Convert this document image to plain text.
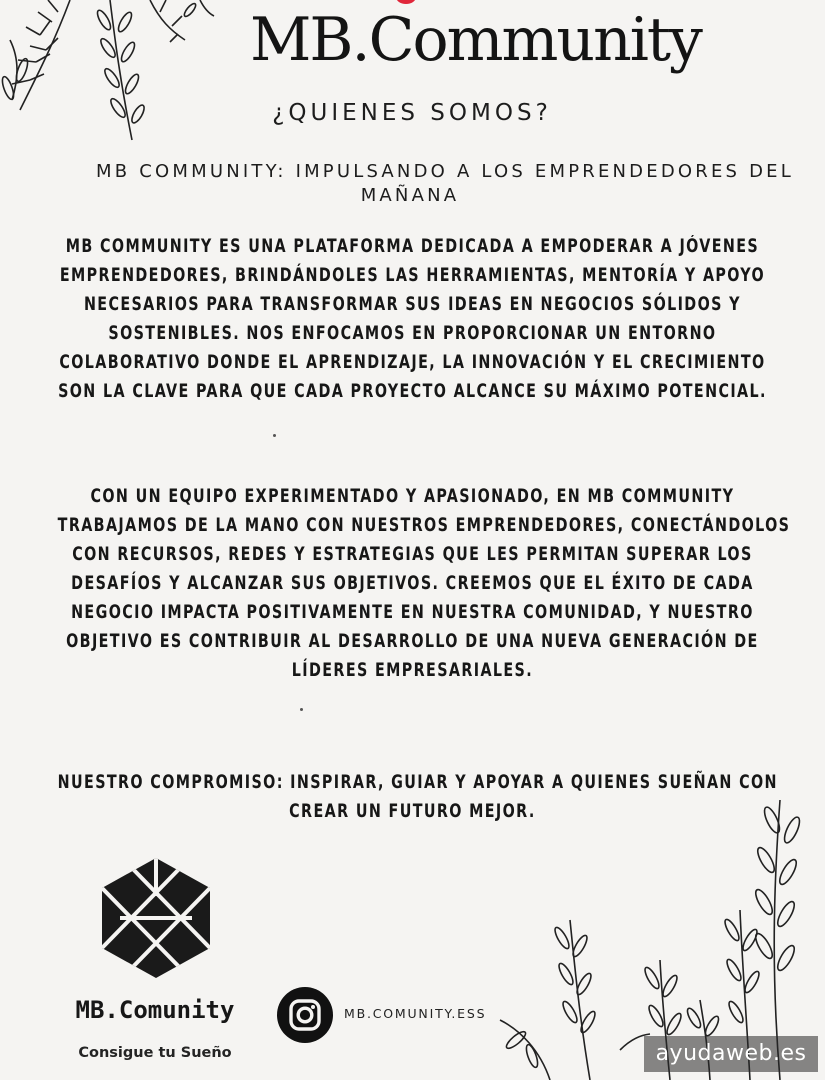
MB.Community
¿QUIENES SOMOS?
MB COMMUNITY: IMPULSANDO A LOS EMPRENDEDORES DEL
MAÑANA
MB COMMUNITY ES UNA PLATAFORMA DEDICADA A EMPODERAR A JÓVENES
EMPRENDEDORES, BRINDÁNDOLES LAS HERRAMIENTAS, MENTORÍA Y APOYO
NECESARIOS PARA TRANSFORMAR SUS IDEAS EN NEGOCIOS SÓLIDOS Y
SOSTENIBLES. NOS ENFOCAMOS EN PROPORCIONAR UN ENTORNO
COLABORATIVO DONDE EL APRENDIZAJE, LA INNOVACIÓN Y EL CRECIMIENTO
SON LA CLAVE PARA QUE CADA PROYECTO ALCANCE SU MÁXIMO POTENCIAL.
CON UN EQUIPO EXPERIMENTADO Y APASIONADO, EN MB COMMUNITY
TRABAJAMOS DE LA MANO CON NUESTROS EMPRENDEDORES, CONECTÁNDOLOS
CON RECURSOS, REDES Y ESTRATEGIAS QUE LES PERMITAN SUPERAR LOS
DESAFÍOS Y ALCANZAR SUS OBJETIVOS. CREEMOS QUE EL ÉXITO DE CADA
NEGOCIO IMPACTA POSITIVAMENTE EN NUESTRA COMUNIDAD, Y NUESTRO
OBJETIVO ES CONTRIBUIR AL DESARROLLO DE UNA NUEVA GENERACIÓN DE
LÍDERES EMPRESARIALES.
NUESTRO COMPROMISO: INSPIRAR, GUIAR Y APOYAR A QUIENES SUEÑAN CON
CREAR UN FUTURO MEJOR.
MB.Comunity
Consigue tu Sueño
MB.COMUNITY.ESS
ayudaweb.es
